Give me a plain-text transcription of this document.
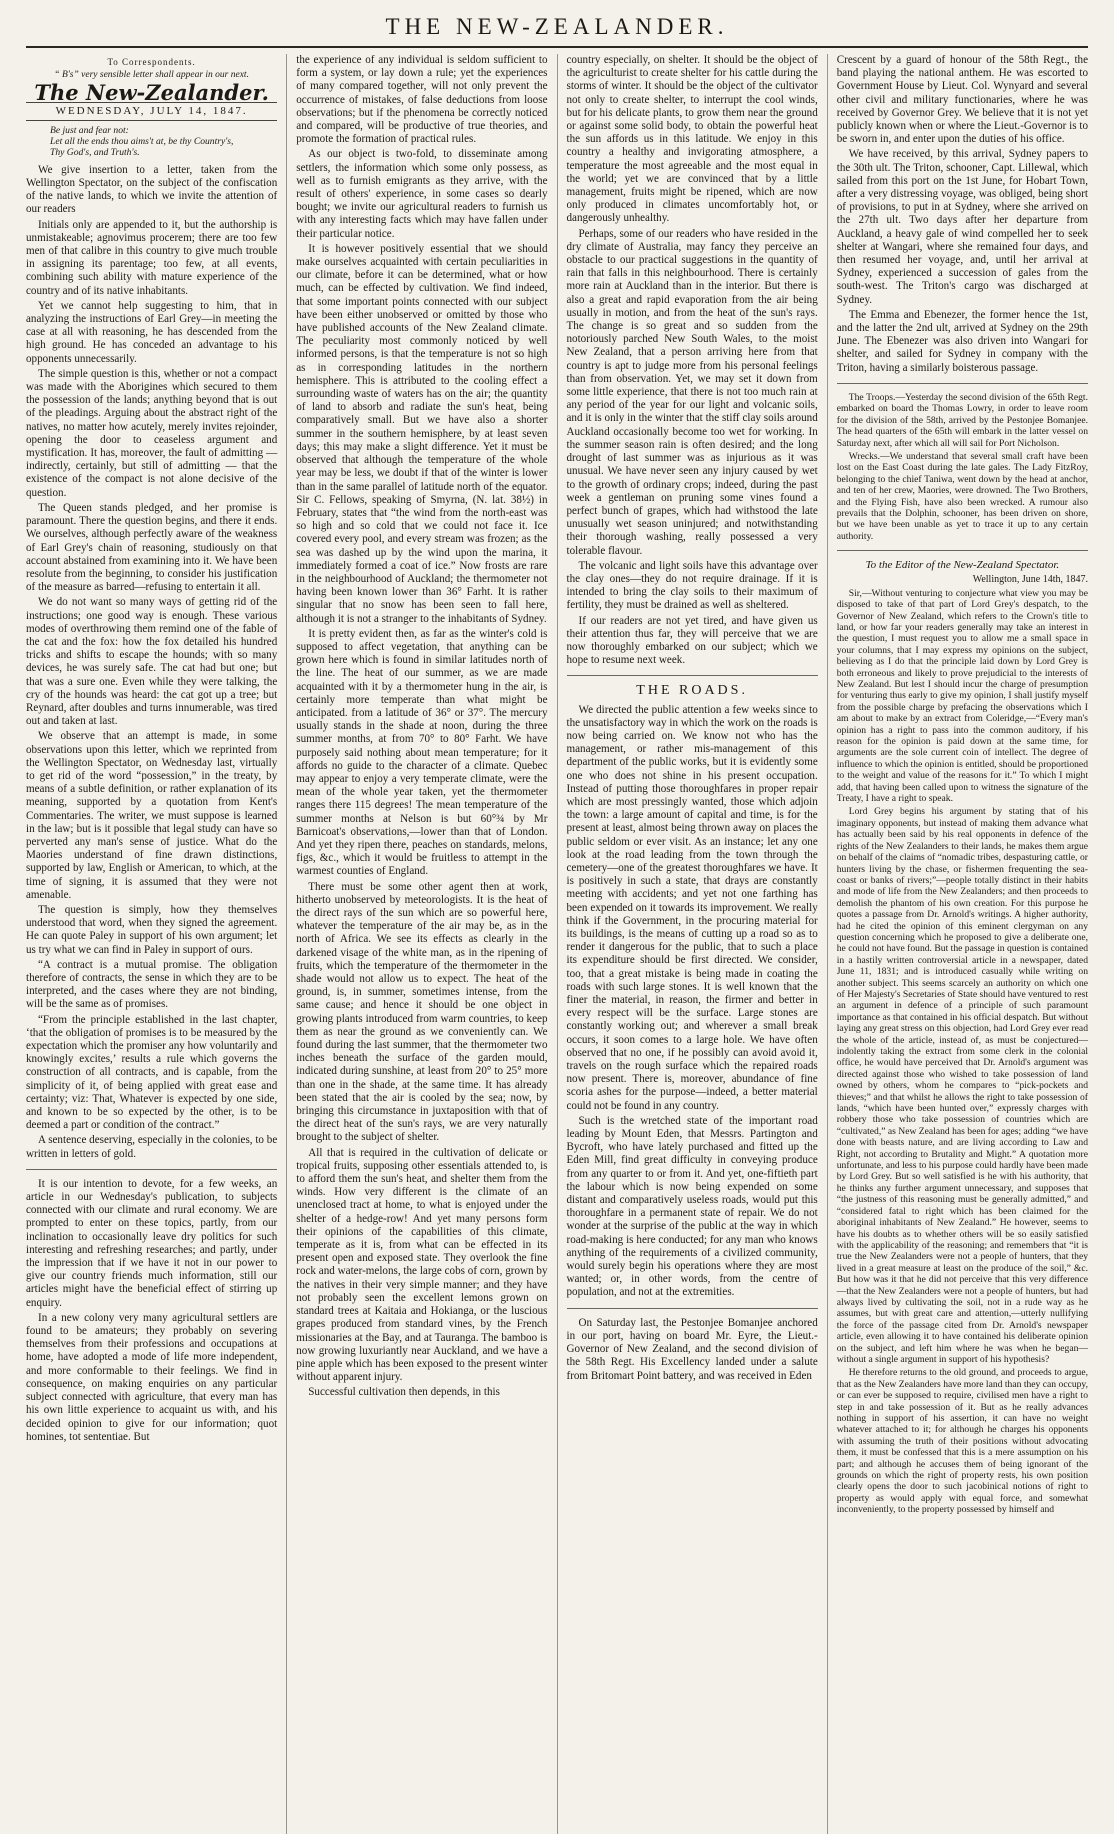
THE NEW-ZEALANDER.
To Correspondents.
“ B's” very sensible letter shall appear in our next.
The New-Zealander.
WEDNESDAY, JULY 14, 1847.
Be just and fear not:
Let all the ends thou aims't at, be thy Country's,
Thy God's, and Truth's.

We give insertion to a letter, taken from the Wellington Spectator, on the subject of the confiscation of the native lands, to which we invite the attention of our readers

Initials only are appended to it, but the authorship is unmistakeable; agnovimus procerem; there are too few men of that calibre in this country to give much trouble in assigning its parentage; too few, at all events, combining such ability with mature experience of the country and of its native inhabitants.

Yet we cannot help suggesting to him, that in analyzing the instructions of Earl Grey—in meeting the case at all with reasoning, he has descended from the high ground. He has conceded an advantage to his opponents unnecessarily.

The simple question is this, whether or not a compact was made with the Aborigines which secured to them the possession of the lands; anything beyond that is out of the pleadings. Arguing about the abstract right of the natives, no matter how acutely, merely invites rejoinder, opening the door to ceaseless argument and mystification. It has, moreover, the fault of admitting — indirectly, certainly, but still of admitting — that the existence of the compact is not alone decisive of the question.

The Queen stands pledged, and her promise is paramount. There the question begins, and there it ends. We ourselves, although perfectly aware of the weakness of Earl Grey's chain of reasoning, studiously on that account abstained from examining into it. We have been resolute from the beginning, to consider his justification of the measure as barred—refusing to entertain it all.

We do not want so many ways of getting rid of the instructions; one good way is enough. These various modes of overthrowing them remind one of the fable of the cat and the fox: how the fox detailed his hundred tricks and shifts to escape the hounds; with so many devices, he was surely safe. The cat had but one; but that was a sure one. Even while they were talking, the cry of the hounds was heard: the cat got up a tree; but Reynard, after doubles and turns innumerable, was tired out and taken at last.

We observe that an attempt is made, in some observations upon this letter, which we reprinted from the Wellington Spectator, on Wednesday last, virtually to get rid of the word “possession,” in the treaty, by means of a subtle definition, or rather explanation of its meaning, supported by a quotation from Kent's Commentaries. The writer, we must suppose is learned in the law; but is it possible that legal study can have so perverted any man's sense of justice. What do the Maories understand of fine drawn distinctions, supported by law, English or American, to which, at the time of signing, it is assumed that they were not amenable.

The question is simply, how they themselves understood that word, when they signed the agreement. He can quote Paley in support of his own argument; let us try what we can find in Paley in support of ours.

“A contract is a mutual promise. The obligation therefore of contracts, the sense in which they are to be interpreted, and the cases where they are not binding, will be the same as of promises.

“From the principle established in the last chapter, ‘that the obligation of promises is to be measured by the expectation which the promiser any how voluntarily and knowingly excites,’ results a rule which governs the construction of all contracts, and is capable, from the simplicity of it, of being applied with great ease and certainty; viz: That, Whatever is expected by one side, and known to be so expected by the other, is to be deemed a part or condition of the contract.”

A sentence deserving, especially in the colonies, to be written in letters of gold.

It is our intention to devote, for a few weeks, an article in our Wednesday's publication, to subjects connected with our climate and rural economy. We are prompted to enter on these topics, partly, from our inclination to occasionally leave dry politics for such interesting and refreshing researches; and partly, under the impression that if we have it not in our power to give our country friends much information, still our articles might have the beneficial effect of stirring up enquiry.

In a new colony very many agricultural settlers are found to be amateurs; they probably on severing themselves from their professions and occupations at home, have adopted a mode of life more independent, and more conformable to their feelings. We find in consequence, on making enquiries on any particular subject connected with agriculture, that every man has his own little experience to acquaint us with, and his decided opinion to give for our information; quot homines, tot sententiae. But

the experience of any individual is seldom sufficient to form a system, or lay down a rule; yet the experiences of many compared together, will not only prevent the occurrence of mistakes, of false deductions from loose observations; but if the phenomena be correctly noticed and compared, will be productive of true theories, and promote the formation of practical rules.

As our object is two-fold, to disseminate among settlers, the information which some only possess, as well as to furnish emigrants as they arrive, with the result of others' experience, in some cases so dearly bought; we invite our agricultural readers to furnish us with any interesting facts which may have fallen under their particular notice.

It is however positively essential that we should make ourselves acquainted with certain peculiarities in our climate, before it can be determined, what or how much, can be effected by cultivation. We find indeed, that some important points connected with our subject have been either unobserved or omitted by those who have published accounts of the New Zealand climate. The peculiarity most commonly noticed by well informed persons, is that the temperature is not so high as in corresponding latitudes in the northern hemisphere. This is attributed to the cooling effect a surrounding waste of waters has on the air; the quantity of land to absorb and radiate the sun's heat, being comparatively small. But we have also a shorter summer in the southern hemisphere, by at least seven days; this may make a slight difference. Yet it must be observed that although the temperature of the whole year may be less, we doubt if that of the winter is lower than in the same parallel of latitude north of the equator. Sir C. Fellows, speaking of Smyrna, (N. lat. 38½) in February, states that “the wind from the north-east was so high and so cold that we could not face it. Ice covered every pool, and every stream was frozen; as the sea was dashed up by the wind upon the marina, it immediately formed a coat of ice.” Now frosts are rare in the neighbourhood of Auckland; the thermometer not having been known lower than 36° Farht. It is rather singular that no snow has been seen to fall here, although it is not a stranger to the inhabitants of Sydney.

It is pretty evident then, as far as the winter's cold is supposed to affect vegetation, that anything can be grown here which is found in similar latitudes north of the line. The heat of our summer, as we are made acquainted with it by a thermometer hung in the air, is certainly more temperate than what might be anticipated. from a latitude of 36° or 37°. The mercury usually stands in the shade at noon, during the three summer months, at from 70° to 80° Farht. We have purposely said nothing about mean temperature; for it affords no guide to the character of a climate. Quebec may appear to enjoy a very temperate climate, were the mean of the whole year taken, yet the thermometer ranges there 115 degrees! The mean temperature of the summer months at Nelson is but 60°¾ by Mr Barnicoat's observations,—lower than that of London. And yet they ripen there, peaches on standards, melons, figs, &c., which it would be fruitless to attempt in the warmest counties of England.

There must be some other agent then at work, hitherto unobserved by meteorologists. It is the heat of the direct rays of the sun which are so powerful here, whatever the temperature of the air may be, as in the north of Africa. We see its effects as clearly in the darkened visage of the white man, as in the ripening of fruits, which the temperature of the thermometer in the shade would not allow us to expect. The heat of the ground, is, in summer, sometimes intense, from the same cause; and hence it should be one object in growing plants introduced from warm countries, to keep them as near the ground as we conveniently can. We found during the last summer, that the thermometer two inches beneath the surface of the garden mould, indicated during sunshine, at least from 20° to 25° more than one in the shade, at the same time. It has already been stated that the air is cooled by the sea; now, by bringing this circumstance in juxtaposition with that of the direct heat of the sun's rays, we are very naturally brought to the subject of shelter.

All that is required in the cultivation of delicate or tropical fruits, supposing other essentials attended to, is to afford them the sun's heat, and shelter them from the winds. How very different is the climate of an unenclosed tract at home, to what is enjoyed under the shelter of a hedge-row! And yet many persons form their opinions of the capabilities of this climate, temperate as it is, from what can be effected in its present open and exposed state. They overlook the fine rock and water-melons, the large cobs of corn, grown by the natives in their very simple manner; and they have not probably seen the excellent lemons grown on standard trees at Kaitaia and Hokianga, or the luscious grapes produced from standard vines, by the French missionaries at the Bay, and at Tauranga. The bamboo is now growing luxuriantly near Auckland, and we have a pine apple which has been exposed to the present winter without apparent injury.

Successful cultivation then depends, in this

country especially, on shelter. It should be the object of the agriculturist to create shelter for his cattle during the storms of winter. It should be the object of the cultivator not only to create shelter, to interrupt the cool winds, but for his delicate plants, to grow them near the ground or against some solid body, to obtain the powerful heat the sun affords us in this latitude. We enjoy in this country a healthy and invigorating atmosphere, a temperature the most agreeable and the most equal in the world; yet we are convinced that by a little management, fruits might be ripened, which are now only produced in climates uncomfortably hot, or dangerously unhealthy.

Perhaps, some of our readers who have resided in the dry climate of Australia, may fancy they perceive an obstacle to our practical suggestions in the quantity of rain that falls in this neighbourhood. There is certainly more rain at Auckland than in the interior. But there is also a great and rapid evaporation from the air being usually in motion, and from the heat of the sun's rays. The change is so great and so sudden from the notoriously parched New South Wales, to the moist New Zealand, that a person arriving here from that country is apt to judge more from his personal feelings than from observation. Yet, we may set it down from some little experience, that there is not too much rain at any period of the year for our light and volcanic soils, and it is only in the winter that the stiff clay soils around Auckland occasionally become too wet for working. In the summer season rain is often desired; and the long drought of last summer was as injurious as it was unusual. We have never seen any injury caused by wet to the growth of ordinary crops; indeed, during the past week a gentleman on pruning some vines found a perfect bunch of grapes, which had withstood the late unusually wet season uninjured; and notwithstanding their thorough washing, really possessed a very tolerable flavour.

The volcanic and light soils have this advantage over the clay ones—they do not require drainage. If it is intended to bring the clay soils to their maximum of fertility, they must be drained as well as sheltered.

If our readers are not yet tired, and have given us their attention thus far, they will perceive that we are now thoroughly embarked on our subject; which we hope to resume next week.

THE ROADS.

We directed the public attention a few weeks since to the unsatisfactory way in which the work on the roads is now being carried on. We know not who has the management, or rather mis-management of this department of the public works, but it is evidently some one who does not shine in his present occupation. Instead of putting those thoroughfares in proper repair which are most pressingly wanted, those which adjoin the town: a large amount of capital and time, is for the present at least, almost being thrown away on places the public seldom or ever visit. As an instance; let any one look at the road leading from the town through the cemetery—one of the greatest thoroughfares we have. It is positively in such a state, that drays are constantly meeting with accidents; and yet not one farthing has been expended on it towards its improvement. We really think if the Government, in the procuring material for its buildings, is the means of cutting up a road so as to render it dangerous for the public, that to such a place its expenditure should be first directed. We consider, too, that a great mistake is being made in coating the roads with such large stones. It is well known that the finer the material, in reason, the firmer and better in every respect will be the surface. Large stones are constantly working out; and wherever a small break occurs, it soon comes to a large hole. We have often observed that no one, if he possibly can avoid avoid it, travels on the rough surface which the repaired roads now present. There is, moreover, abundance of fine scoria ashes for the purpose—indeed, a better material could not be found in any country.

Such is the wretched state of the important road leading by Mount Eden, that Messrs. Partington and Bycroft, who have lately purchased and fitted up the Eden Mill, find great difficulty in conveying produce from any quarter to or from it. And yet, one-fiftieth part the labour which is now being expended on some distant and comparatively useless roads, would put this thoroughfare in a permanent state of repair. We do not wonder at the surprise of the public at the way in which road-making is here conducted; for any man who knows anything of the requirements of a civilized community, would surely begin his operations where they are most wanted; or, in other words, from the centre of population, and not at the extremities.

On Saturday last, the Pestonjee Bomanjee anchored in our port, having on board Mr. Eyre, the Lieut.-Governor of New Zealand, and the second division of the 58th Regt. His Excellency landed under a salute from Britomart Point battery, and was received in Eden

Crescent by a guard of honour of the 58th Regt., the band playing the national anthem. He was escorted to Government House by Lieut. Col. Wynyard and several other civil and military functionaries, where he was received by Governor Grey. We believe that it is not yet publicly known when or where the Lieut.-Governor is to be sworn in, and enter upon the duties of his office.

We have received, by this arrival, Sydney papers to the 30th ult. The Triton, schooner, Capt. Lillewal, which sailed from this port on the 1st June, for Hobart Town, after a very distressing voyage, was obliged, being short of provisions, to put in at Sydney, where she arrived on the 27th ult. Two days after her departure from Auckland, a heavy gale of wind compelled her to seek shelter at Wangari, where she remained four days, and then resumed her voyage, and, until her arrival at Sydney, experienced a succession of gales from the south-west. The Triton's cargo was discharged at Sydney.

The Emma and Ebenezer, the former hence the 1st, and the latter the 2nd ult, arrived at Sydney on the 29th June. The Ebenezer was also driven into Wangari for shelter, and sailed for Sydney in company with the Triton, having a similarly boisterous passage.

The Troops.—Yesterday the second division of the 65th Regt. embarked on board the Thomas Lowry, in order to leave room for the division of the 58th, arrived by the Pestonjee Bomanjee. The head quarters of the 65th will embark in the latter vessel on Saturday next, after which all will sail for Port Nicholson.

Wrecks.—We understand that several small craft have been lost on the East Coast during the late gales. The Lady FitzRoy, belonging to the chief Taniwa, went down by the head at anchor, and ten of her crew, Maories, were drowned. The Two Brothers, and the Flying Fish, have also been wrecked. A rumour also prevails that the Dolphin, schooner, has been driven on shore, but we have been unable as yet to trace it up to any certain authority.

To the Editor of the New-Zealand Spectator.
Wellington, June 14th, 1847.

Sir,—Without venturing to conjecture what view you may be disposed to take of that part of Lord Grey's despatch, to the Governor of New Zealand, which refers to the Crown's title to land, or how far your readers generally may take an interest in the question, I must request you to allow me a small space in your columns, that I may express my opinions on the subject, believing as I do that the principle laid down by Lord Grey is both erroneous and likely to prove prejudicial to the interests of New Zealand. But lest I should incur the charge of presumption for venturing thus early to give my opinion, I shall justify myself from the possible charge by prefacing the observations which I am about to make by an extract from Coleridge,—“Every man's opinion has a right to pass into the common auditory, if his reason for the opinion is paid down at the same time, for arguments are the sole current coin of intellect. The degree of influence to which the opinion is entitled, should be proportioned to the weight and value of the reasons for it.” To which I might add, that having been called upon to witness the signature of the Treaty, I have a right to speak.

Lord Grey begins his argument by stating that of his imaginary opponents, but instead of making them advance what has actually been said by his real opponents in defence of the rights of the New Zealanders to their lands, he makes them argue on behalf of the claims of “nomadic tribes, despasturing cattle, or hunters living by the chase, or fishermen frequenting the sea-coast or banks of rivers;”—people totally distinct in their habits and mode of life from the New Zealanders; and then proceeds to demolish the phantom of his own creation. For this purpose he quotes a passage from Dr. Arnold's writings. A higher authority, had he cited the opinion of this eminent clergyman on any question concerning which he proposed to give a deliberate one, he could not have found. But the passage in question is contained in a hastily written controversial article in a newspaper, dated June 11, 1831; and is introduced casually while writing on another subject. This seems scarcely an authority on which one of Her Majesty's Secretaries of State should have ventured to rest an argument in defence of a principle of such paramount importance as that contained in his official despatch. But without laying any great stress on this objection, had Lord Grey ever read the whole of the article, instead of, as must be conjectured—indolently taking the extract from some clerk in the colonial office, he would have perceived that Dr. Arnold's argument was directed against those who wished to take possession of land owned by others, whom he compares to “pick-pockets and thieves;” and that whilst he allows the right to take possession of lands, “which have been hunted over,” expressly charges with robbery those who take possession of countries which are “cultivated,” as New Zealand has been for ages; adding “we have done with beasts nature, and are living according to Law and Right, not according to Brutality and Might.” A quotation more unfortunate, and less to his purpose could hardly have been made by Lord Grey. But so well satisfied is he with his authority, that he thinks any further argument unnecessary, and supposes that “the justness of this reasoning must be generally admitted,” and “considered fatal to right which has been claimed for the aboriginal inhabitants of New Zealand.” He however, seems to have his doubts as to whether others will be so easily satisfied with the applicability of the reasoning; and remembers that “it is true the New Zealanders were not a people of hunters, that they lived in a great measure at least on the produce of the soil,” &c. But how was it that he did not perceive that this very difference—that the New Zealanders were not a people of hunters, but had always lived by cultivating the soil, not in a rude way as he assumes, but with great care and attention,—utterly nullifying the force of the passage cited from Dr. Arnold's newspaper article, even allowing it to have contained his deliberate opinion on the subject, and left him where he was when he began—without a single argument in support of his hypothesis?

He therefore returns to the old ground, and proceeds to argue, that as the New Zealanders have more land than they can occupy, or can ever be supposed to require, civilised men have a right to step in and take possession of it. But as he really advances nothing in support of his assertion, it can have no weight whatever attached to it; for although he charges his opponents with assuming the truth of their positions without advocating them, it must be confessed that this is a mere assumption on his part; and although he accuses them of being ignorant of the grounds on which the right of property rests, his own position clearly opens the door to such jacobinical notions of right to property as would apply with equal force, and somewhat inconveniently, to the property possessed by himself and
